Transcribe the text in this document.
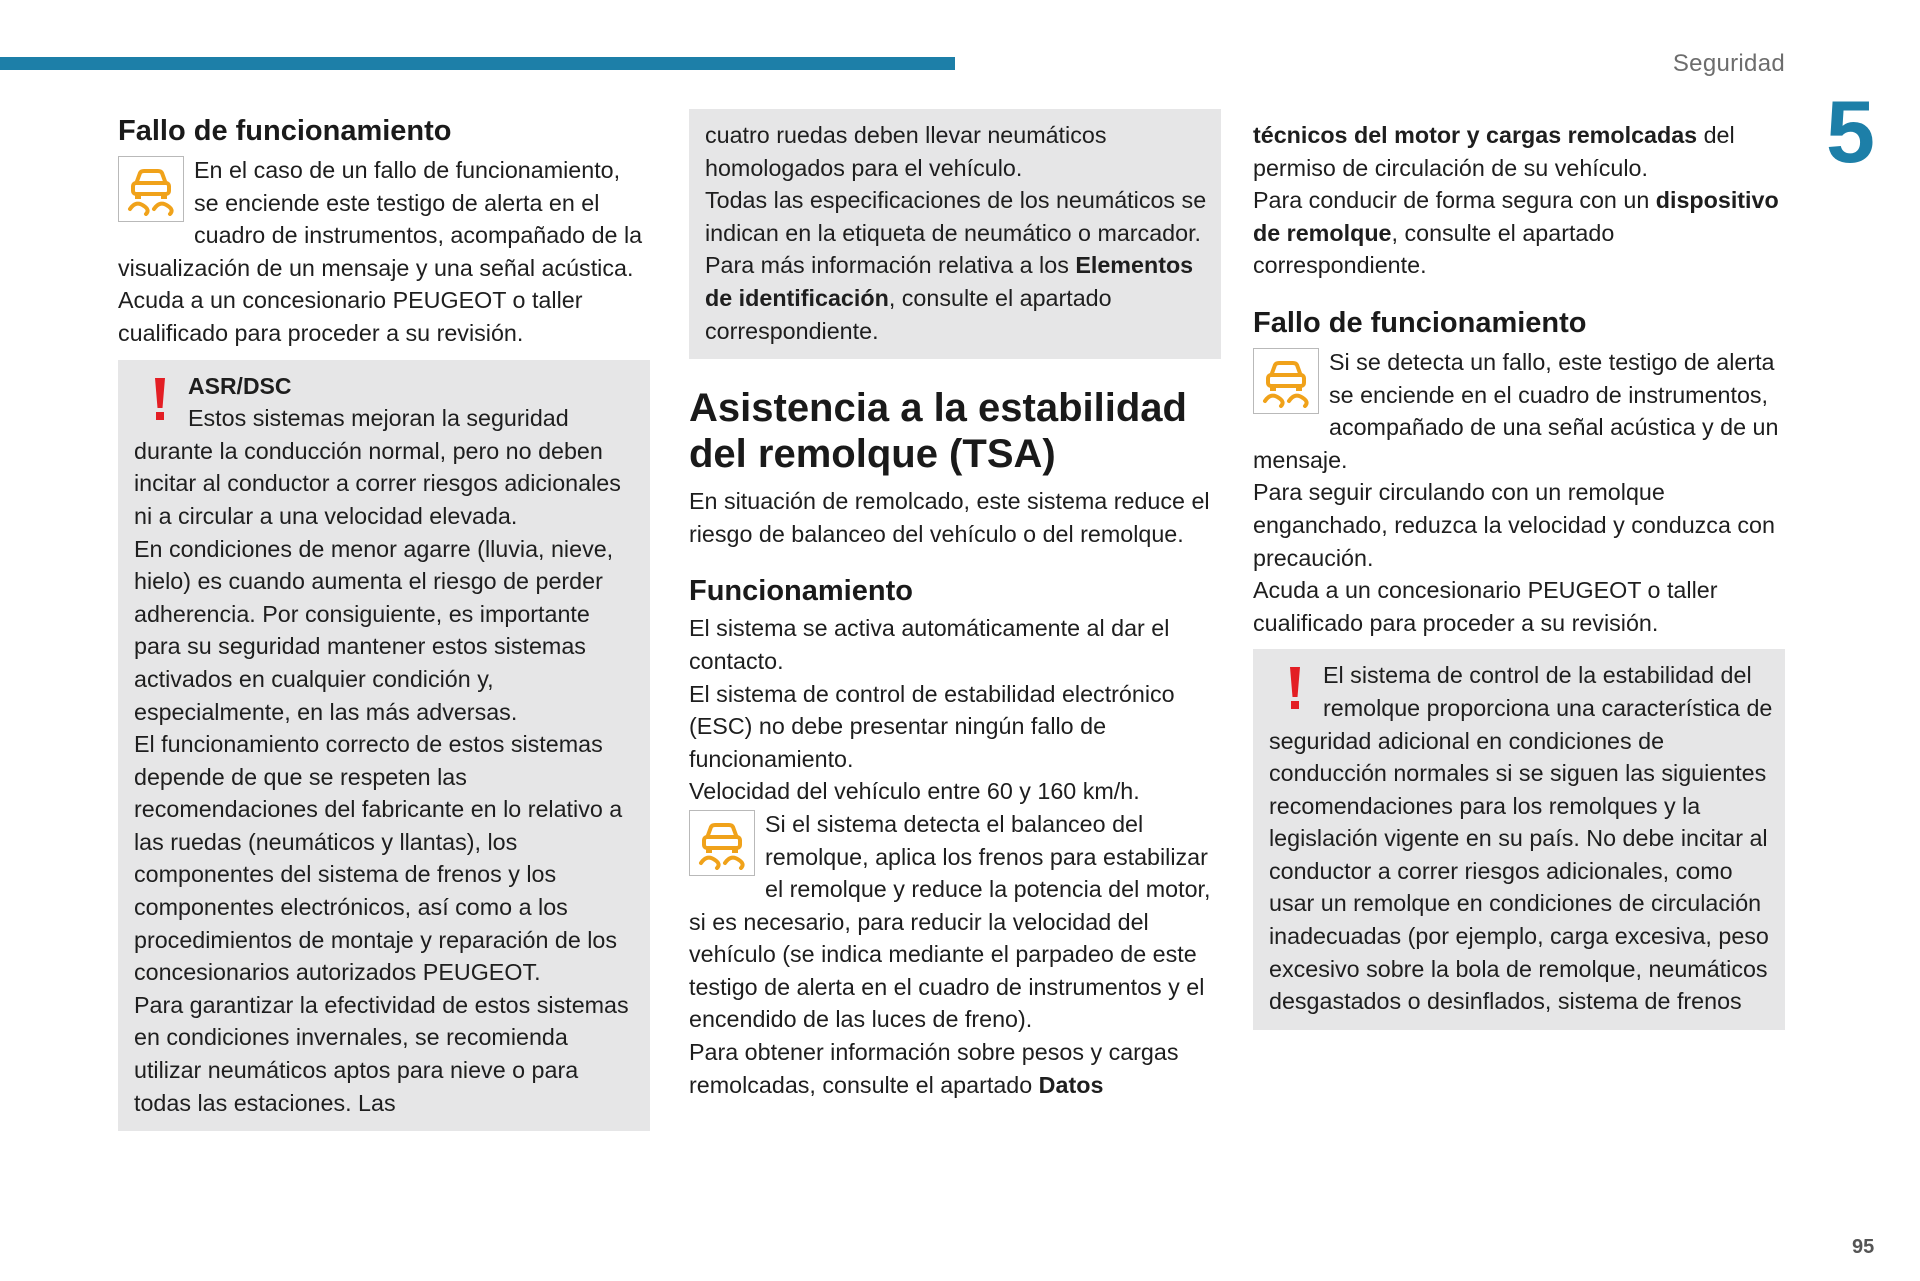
Seguridad
5
95
Fallo de funcionamiento

En el caso de un fallo de funcionamiento, se enciende este testigo de alerta en el cuadro de instrumentos, acompañado de la visualización de un mensaje y una señal acústica.

Acuda a un concesionario PEUGEOT o taller cualificado para proceder a su revisión.

ASR/DSC

Estos sistemas mejoran la seguridad durante la conducción normal, pero no deben incitar al conductor a correr riesgos adicionales ni a circular a una velocidad elevada.

En condiciones de menor agarre (lluvia, nieve, hielo) es cuando aumenta el riesgo de perder adherencia. Por consiguiente, es importante para su seguridad mantener estos sistemas activados en cualquier condición y, especialmente, en las más adversas.

El funcionamiento correcto de estos sistemas depende de que se respeten las recomendaciones del fabricante en lo relativo a las ruedas (neumáticos y llantas), los componentes del sistema de frenos y los componentes electrónicos, así como a los procedimientos de montaje y reparación de los concesionarios autorizados PEUGEOT.

Para garantizar la efectividad de estos sistemas en condiciones invernales, se recomienda utilizar neumáticos aptos para nieve o para todas las estaciones. Las

cuatro ruedas deben llevar neumáticos homologados para el vehículo.

Todas las especificaciones de los neumáticos se indican en la etiqueta de neumático o marcador. Para más información relativa a los Elementos de identificación, consulte el apartado correspondiente.

Asistencia a la estabilidad del remolque (TSA)

En situación de remolcado, este sistema reduce el riesgo de balanceo del vehículo o del remolque.

Funcionamiento

El sistema se activa automáticamente al dar el contacto.

El sistema de control de estabilidad electrónico (ESC) no debe presentar ningún fallo de funcionamiento.

Velocidad del vehículo entre 60 y 160 km/h.

Si el sistema detecta el balanceo del remolque, aplica los frenos para estabilizar el remolque y reduce la potencia del motor, si es necesario, para reducir la velocidad del vehículo (se indica mediante el parpadeo de este testigo de alerta en el cuadro de instrumentos y el encendido de las luces de freno).

Para obtener información sobre pesos y cargas remolcadas, consulte el apartado Datos

técnicos del motor y cargas remolcadas del permiso de circulación de su vehículo.

Para conducir de forma segura con un dispositivo de remolque, consulte el apartado correspondiente.

Fallo de funcionamiento

Si se detecta un fallo, este testigo de alerta se enciende en el cuadro de instrumentos, acompañado de una señal acústica y de un mensaje.

Para seguir circulando con un remolque enganchado, reduzca la velocidad y conduzca con precaución.

Acuda a un concesionario PEUGEOT o taller cualificado para proceder a su revisión.

El sistema de control de la estabilidad del remolque proporciona una característica de seguridad adicional en condiciones de conducción normales si se siguen las siguientes recomendaciones para los remolques y la legislación vigente en su país. No debe incitar al conductor a correr riesgos adicionales, como usar un remolque en condiciones de circulación inadecuadas (por ejemplo, carga excesiva, peso excesivo sobre la bola de remolque, neumáticos desgastados o desinflados, sistema de frenos
